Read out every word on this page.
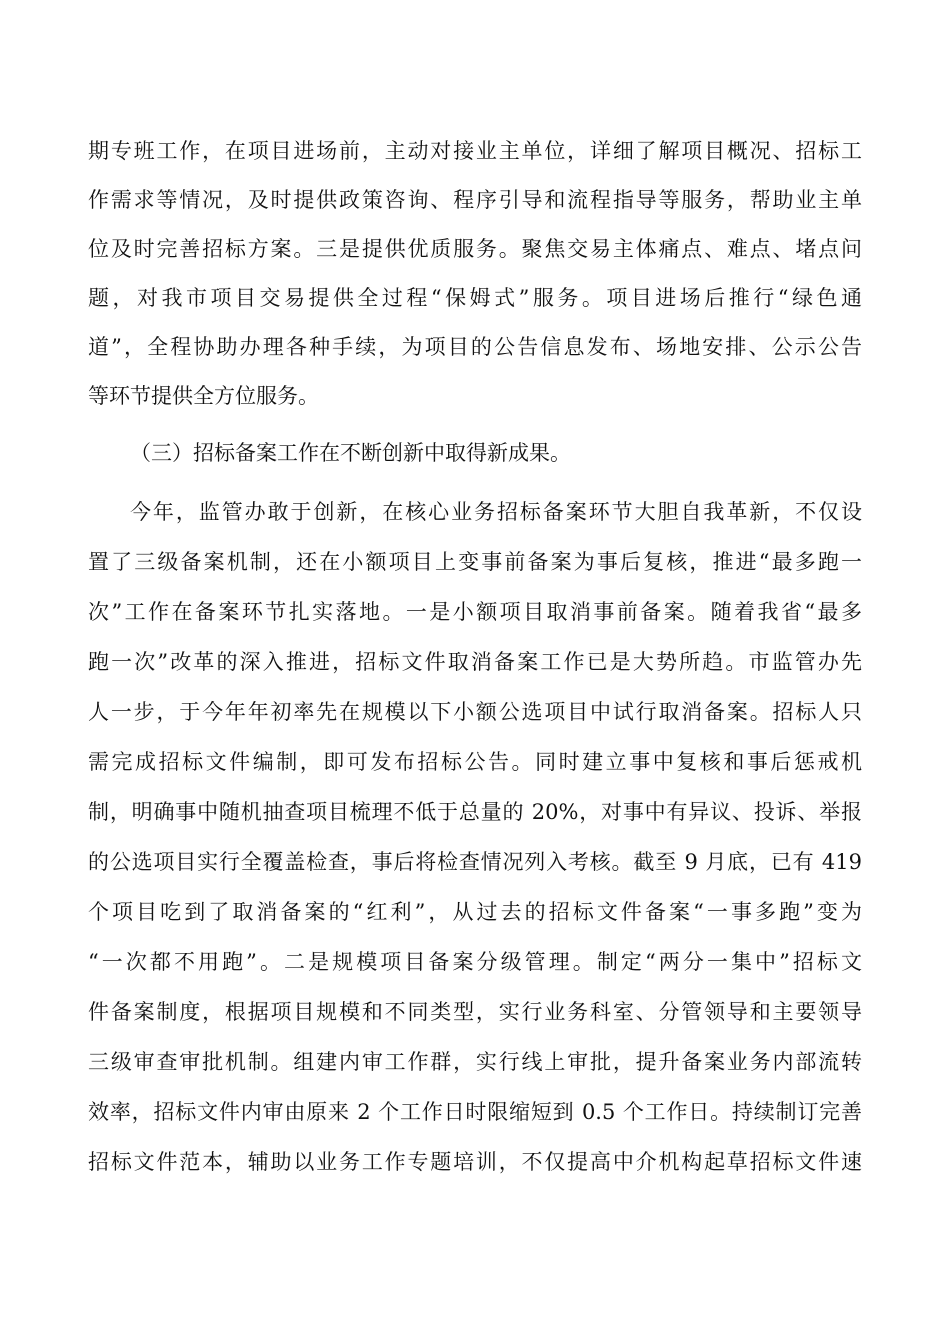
期专班工作，在项目进场前，主动对接业主单位，详细了解项目概况、招标工
作需求等情况，及时提供政策咨询、程序引导和流程指导等服务，帮助业主单
位及时完善招标方案。三是提供优质服务。聚焦交易主体痛点、难点、堵点问
题，对我市项目交易提供全过程“保姆式”服务。项目进场后推行“绿色通
道”，全程协助办理各种手续，为项目的公告信息发布、场地安排、公示公告
等环节提供全方位服务。
（三）招标备案工作在不断创新中取得新成果。
今年，监管办敢于创新，在核心业务招标备案环节大胆自我革新，不仅设
置了三级备案机制，还在小额项目上变事前备案为事后复核，推进“最多跑一
次”工作在备案环节扎实落地。一是小额项目取消事前备案。随着我省“最多
跑一次”改革的深入推进，招标文件取消备案工作已是大势所趋。市监管办先
人一步，于今年年初率先在规模以下小额公选项目中试行取消备案。招标人只
需完成招标文件编制，即可发布招标公告。同时建立事中复核和事后惩戒机
制，明确事中随机抽查项目梳理不低于总量的 20%，对事中有异议、投诉、举报
的公选项目实行全覆盖检查，事后将检查情况列入考核。截至 9 月底，已有 419
个项目吃到了取消备案的“红利”，从过去的招标文件备案“一事多跑”变为
“一次都不用跑”。二是规模项目备案分级管理。制定“两分一集中”招标文
件备案制度，根据项目规模和不同类型，实行业务科室、分管领导和主要领导
三级审查审批机制。组建内审工作群，实行线上审批，提升备案业务内部流转
效率，招标文件内审由原来 2 个工作日时限缩短到 0.5 个工作日。持续制订完善
招标文件范本，辅助以业务工作专题培训，不仅提高中介机构起草招标文件速
